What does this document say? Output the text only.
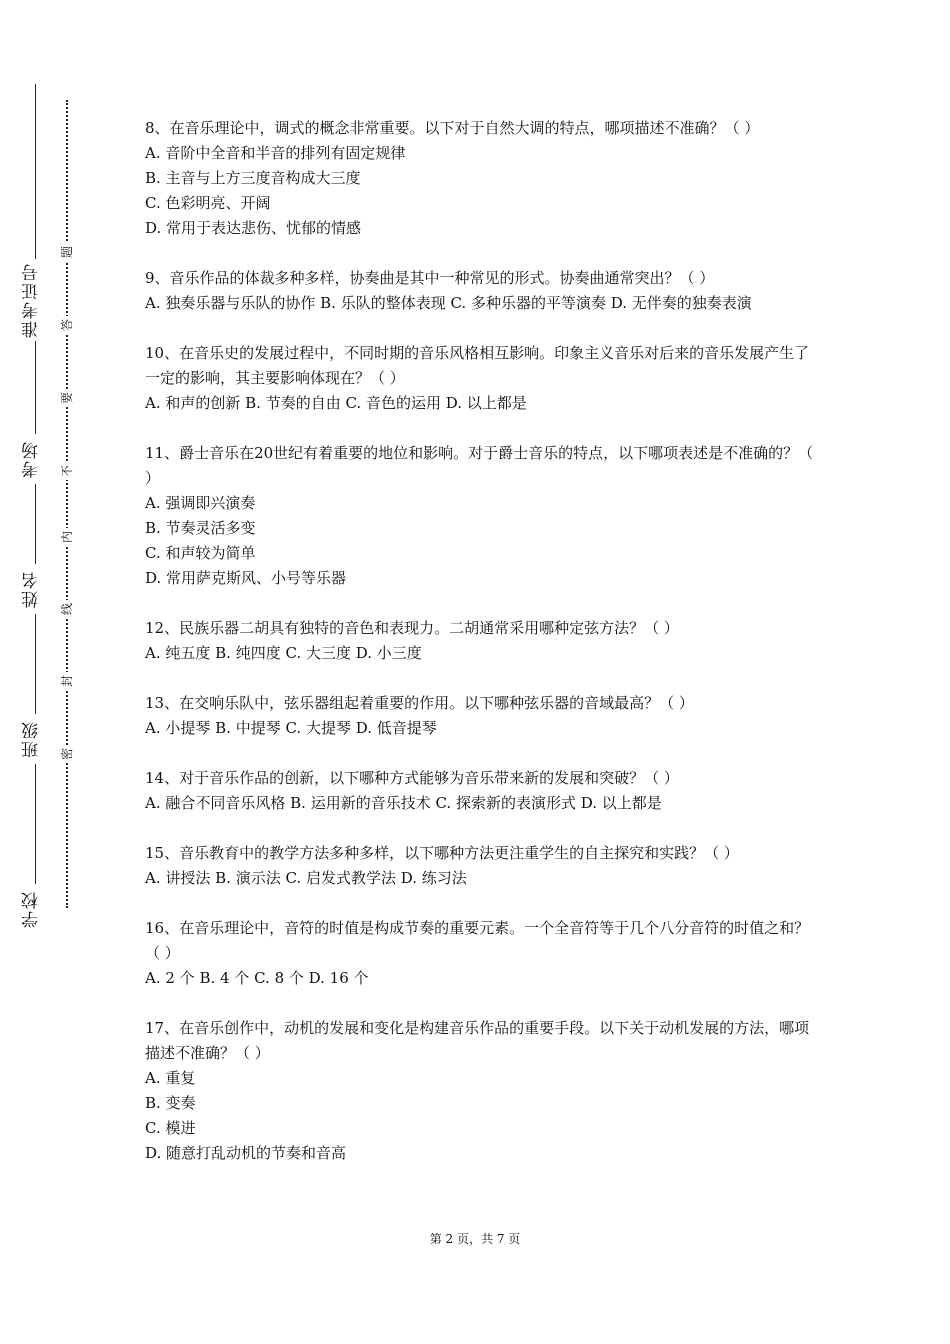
准考证号
考场
姓名
班级
学校
题
答
要
不
内
线
封
密

8、在音乐理论中，调式的概念非常重要。以下对于自然大调的特点，哪项描述不准确？（ ）

A. 音阶中全音和半音的排列有固定规律

B. 主音与上方三度音构成大三度

C. 色彩明亮、开阔

D. 常用于表达悲伤、忧郁的情感

9、音乐作品的体裁多种多样，协奏曲是其中一种常见的形式。协奏曲通常突出？（ ）

A. 独奏乐器与乐队的协作 B. 乐队的整体表现 C. 多种乐器的平等演奏 D. 无伴奏的独奏表演

10、在音乐史的发展过程中，不同时期的音乐风格相互影响。印象主义音乐对后来的音乐发展产生了一定的影响，其主要影响体现在？（ ）

A. 和声的创新 B. 节奏的自由 C. 音色的运用 D. 以上都是

11、爵士音乐在20世纪有着重要的地位和影响。对于爵士音乐的特点，以下哪项表述是不准确的？（ ）

A. 强调即兴演奏

B. 节奏灵活多变

C. 和声较为简单

D. 常用萨克斯风、小号等乐器

12、民族乐器二胡具有独特的音色和表现力。二胡通常采用哪种定弦方法？（ ）

A. 纯五度 B. 纯四度 C. 大三度 D. 小三度

13、在交响乐队中，弦乐器组起着重要的作用。以下哪种弦乐器的音域最高？（ ）

A. 小提琴 B. 中提琴 C. 大提琴 D. 低音提琴

14、对于音乐作品的创新，以下哪种方式能够为音乐带来新的发展和突破？（ ）

A. 融合不同音乐风格 B. 运用新的音乐技术 C. 探索新的表演形式 D. 以上都是

15、音乐教育中的教学方法多种多样，以下哪种方法更注重学生的自主探究和实践？（ ）

A. 讲授法 B. 演示法 C. 启发式教学法 D. 练习法

16、在音乐理论中，音符的时值是构成节奏的重要元素。一个全音符等于几个八分音符的时值之和？（ ）

A. 2 个 B. 4 个 C. 8 个 D. 16 个

17、在音乐创作中，动机的发展和变化是构建音乐作品的重要手段。以下关于动机发展的方法，哪项描述不准确？（ ）

A. 重复

B. 变奏

C. 模进

D. 随意打乱动机的节奏和音高

第 2 页，共 7 页
